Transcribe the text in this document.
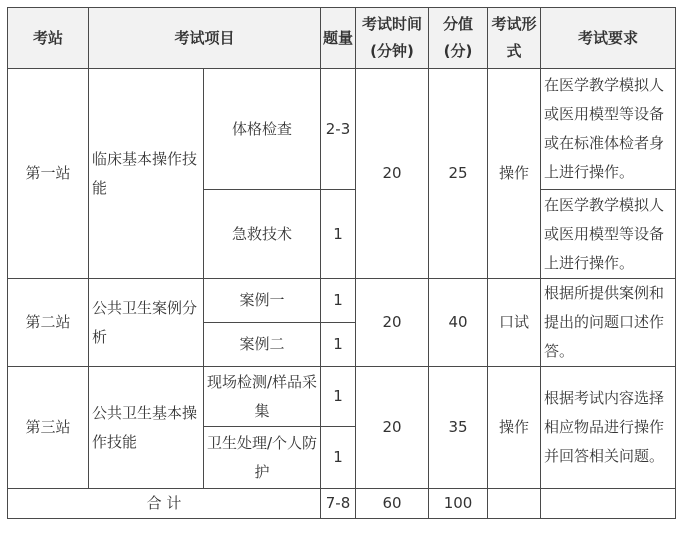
考站	考试项目		题量	考试时间(分钟)	分值(分)	考试形式	考试要求
第一站	临床基本操作技能	体格检查	2-3	20	25	操作	在医学教学模拟人或医用模型等设备或在标准体检者身上进行操作。
		急救技术	1				在医学教学模拟人或医用模型等设备上进行操作。
第二站	公共卫生案例分析	案例一	1	20	40	口试	根据所提供案例和提出的问题口述作答。
		案例二	1				
第三站	公共卫生基本操作技能	现场检测/样品采集	1	20	35	操作	根据考试内容选择相应物品进行操作并回答相关问题。
		卫生处理/个人防护	1				
合 计			7-8	60	100		
